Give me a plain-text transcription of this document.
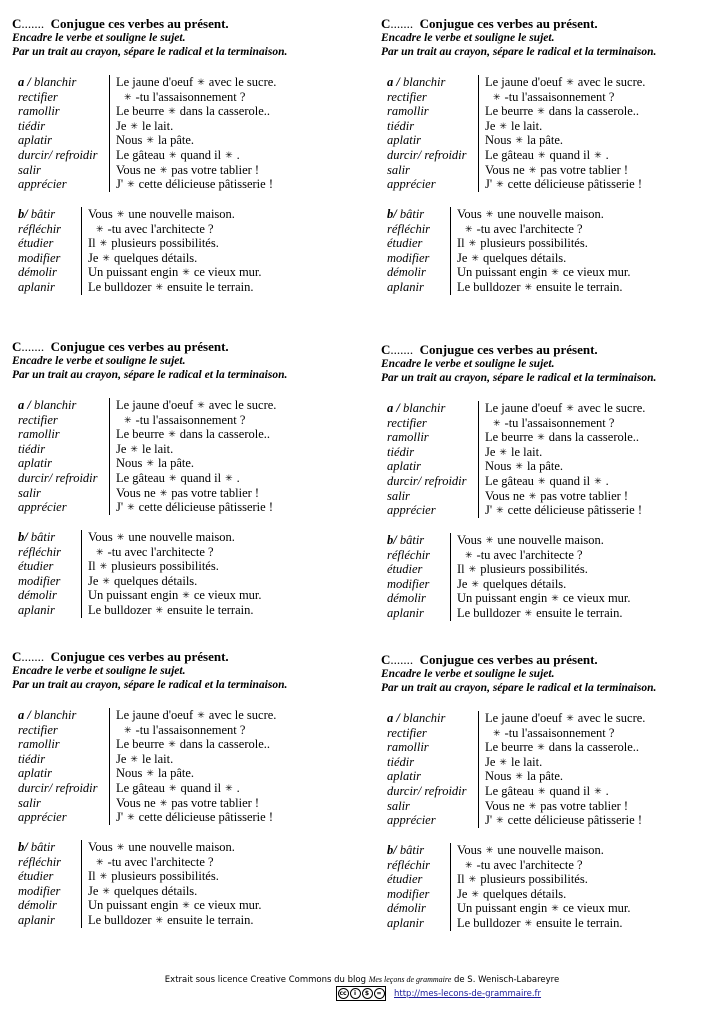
C....... Conjugue ces verbes au présent.
Encadre le verbe et souligne le sujet.
Par un trait au crayon, sépare le radical et la terminaison.
a / blanchir	Le jaune d'oeuf ✳ avec le sucre.
rectifier	✳ -tu l'assaisonnement ?
ramollir	Le beurre ✳ dans la casserole..
tiédir	Je ✳ le lait.
aplatir	Nous ✳ la pâte.
durcir/ refroidir	Le gâteau ✳ quand il ✳ .
salir	Vous ne ✳ pas votre tablier !
apprécier	J' ✳ cette délicieuse pâtisserie !
b/ bâtir	Vous ✳ une nouvelle maison.
réfléchir	✳ -tu avec l'architecte ?
étudier	Il ✳ plusieurs possibilités.
modifier	Je ✳ quelques détails.
démolir	Un puissant engin ✳ ce vieux mur.
aplanir	Le bulldozer ✳ ensuite le terrain.
C....... Conjugue ces verbes au présent.
Encadre le verbe et souligne le sujet.
Par un trait au crayon, sépare le radical et la terminaison.
a / blanchir	Le jaune d'oeuf ✳ avec le sucre.
rectifier	✳ -tu l'assaisonnement ?
ramollir	Le beurre ✳ dans la casserole..
tiédir	Je ✳ le lait.
aplatir	Nous ✳ la pâte.
durcir/ refroidir	Le gâteau ✳ quand il ✳ .
salir	Vous ne ✳ pas votre tablier !
apprécier	J' ✳ cette délicieuse pâtisserie !
b/ bâtir	Vous ✳ une nouvelle maison.
réfléchir	✳ -tu avec l'architecte ?
étudier	Il ✳ plusieurs possibilités.
modifier	Je ✳ quelques détails.
démolir	Un puissant engin ✳ ce vieux mur.
aplanir	Le bulldozer ✳ ensuite le terrain.
C....... Conjugue ces verbes au présent.
Encadre le verbe et souligne le sujet.
Par un trait au crayon, sépare le radical et la terminaison.
a / blanchir	Le jaune d'oeuf ✳ avec le sucre.
rectifier	✳ -tu l'assaisonnement ?
ramollir	Le beurre ✳ dans la casserole..
tiédir	Je ✳ le lait.
aplatir	Nous ✳ la pâte.
durcir/ refroidir	Le gâteau ✳ quand il ✳ .
salir	Vous ne ✳ pas votre tablier !
apprécier	J' ✳ cette délicieuse pâtisserie !
b/ bâtir	Vous ✳ une nouvelle maison.
réfléchir	✳ -tu avec l'architecte ?
étudier	Il ✳ plusieurs possibilités.
modifier	Je ✳ quelques détails.
démolir	Un puissant engin ✳ ce vieux mur.
aplanir	Le bulldozer ✳ ensuite le terrain.
C....... Conjugue ces verbes au présent.
Encadre le verbe et souligne le sujet.
Par un trait au crayon, sépare le radical et la terminaison.
a / blanchir	Le jaune d'oeuf ✳ avec le sucre.
rectifier	✳ -tu l'assaisonnement ?
ramollir	Le beurre ✳ dans la casserole..
tiédir	Je ✳ le lait.
aplatir	Nous ✳ la pâte.
durcir/ refroidir	Le gâteau ✳ quand il ✳ .
salir	Vous ne ✳ pas votre tablier !
apprécier	J' ✳ cette délicieuse pâtisserie !
b/ bâtir	Vous ✳ une nouvelle maison.
réfléchir	✳ -tu avec l'architecte ?
étudier	Il ✳ plusieurs possibilités.
modifier	Je ✳ quelques détails.
démolir	Un puissant engin ✳ ce vieux mur.
aplanir	Le bulldozer ✳ ensuite le terrain.
C....... Conjugue ces verbes au présent.
Encadre le verbe et souligne le sujet.
Par un trait au crayon, sépare le radical et la terminaison.
a / blanchir	Le jaune d'oeuf ✳ avec le sucre.
rectifier	✳ -tu l'assaisonnement ?
ramollir	Le beurre ✳ dans la casserole..
tiédir	Je ✳ le lait.
aplatir	Nous ✳ la pâte.
durcir/ refroidir	Le gâteau ✳ quand il ✳ .
salir	Vous ne ✳ pas votre tablier !
apprécier	J' ✳ cette délicieuse pâtisserie !
b/ bâtir	Vous ✳ une nouvelle maison.
réfléchir	✳ -tu avec l'architecte ?
étudier	Il ✳ plusieurs possibilités.
modifier	Je ✳ quelques détails.
démolir	Un puissant engin ✳ ce vieux mur.
aplanir	Le bulldozer ✳ ensuite le terrain.
C....... Conjugue ces verbes au présent.
Encadre le verbe et souligne le sujet.
Par un trait au crayon, sépare le radical et la terminaison.
a / blanchir	Le jaune d'oeuf ✳ avec le sucre.
rectifier	✳ -tu l'assaisonnement ?
ramollir	Le beurre ✳ dans la casserole..
tiédir	Je ✳ le lait.
aplatir	Nous ✳ la pâte.
durcir/ refroidir	Le gâteau ✳ quand il ✳ .
salir	Vous ne ✳ pas votre tablier !
apprécier	J' ✳ cette délicieuse pâtisserie !
b/ bâtir	Vous ✳ une nouvelle maison.
réfléchir	✳ -tu avec l'architecte ?
étudier	Il ✳ plusieurs possibilités.
modifier	Je ✳ quelques détails.
démolir	Un puissant engin ✳ ce vieux mur.
aplanir	Le bulldozer ✳ ensuite le terrain.
Extrait sous licence Creative Commons du blog Mes leçons de grammaire de S. Wenisch-Labareyre
cc	i	$	=	http://mes-lecons-de-grammaire.fr
